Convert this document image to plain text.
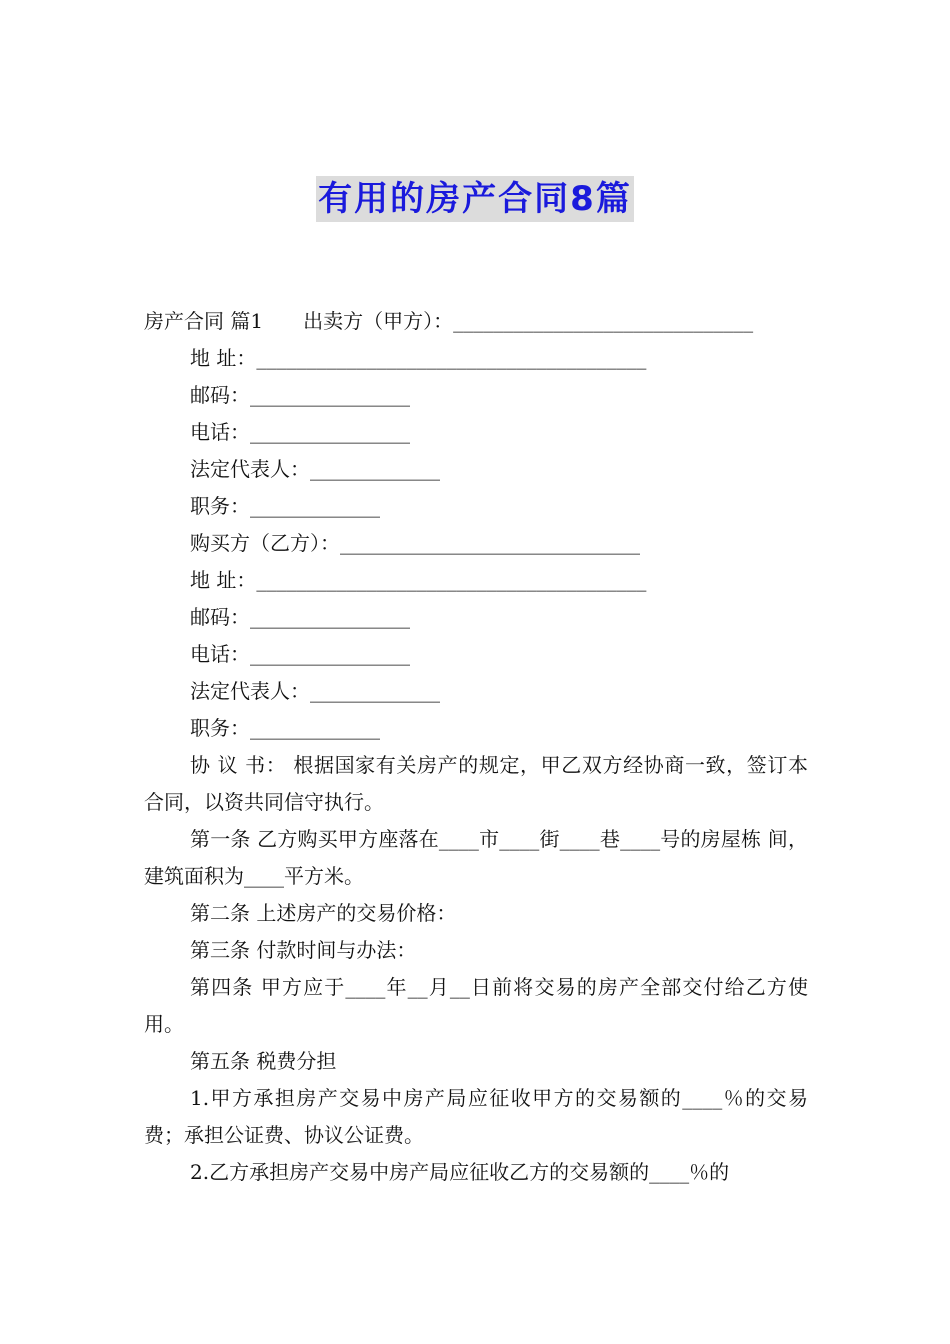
有用的房产合同8篇
房产合同 篇1 出卖方（甲方）：______________________________
地 址：_______________________________________
邮码：________________
电话：________________
法定代表人：_____________
职务：_____________
购买方（乙方）：______________________________
地 址：_______________________________________
邮码：________________
电话：________________
法定代表人：_____________
职务：_____________
协 议 书： 根据国家有关房产的规定，甲乙双方经协商一致，签订本合同，以资共同信守执行。
第一条 乙方购买甲方座落在____市____街____巷____号的房屋栋 间，建筑面积为____平方米。
第二条 上述房产的交易价格：
第三条 付款时间与办法：
第四条 甲方应于____年__月__日前将交易的房产全部交付给乙方使用。
第五条 税费分担
1.甲方承担房产交易中房产局应征收甲方的交易额的____％的交易费；承担公证费、协议公证费。
2.乙方承担房产交易中房产局应征收乙方的交易额的____％的
